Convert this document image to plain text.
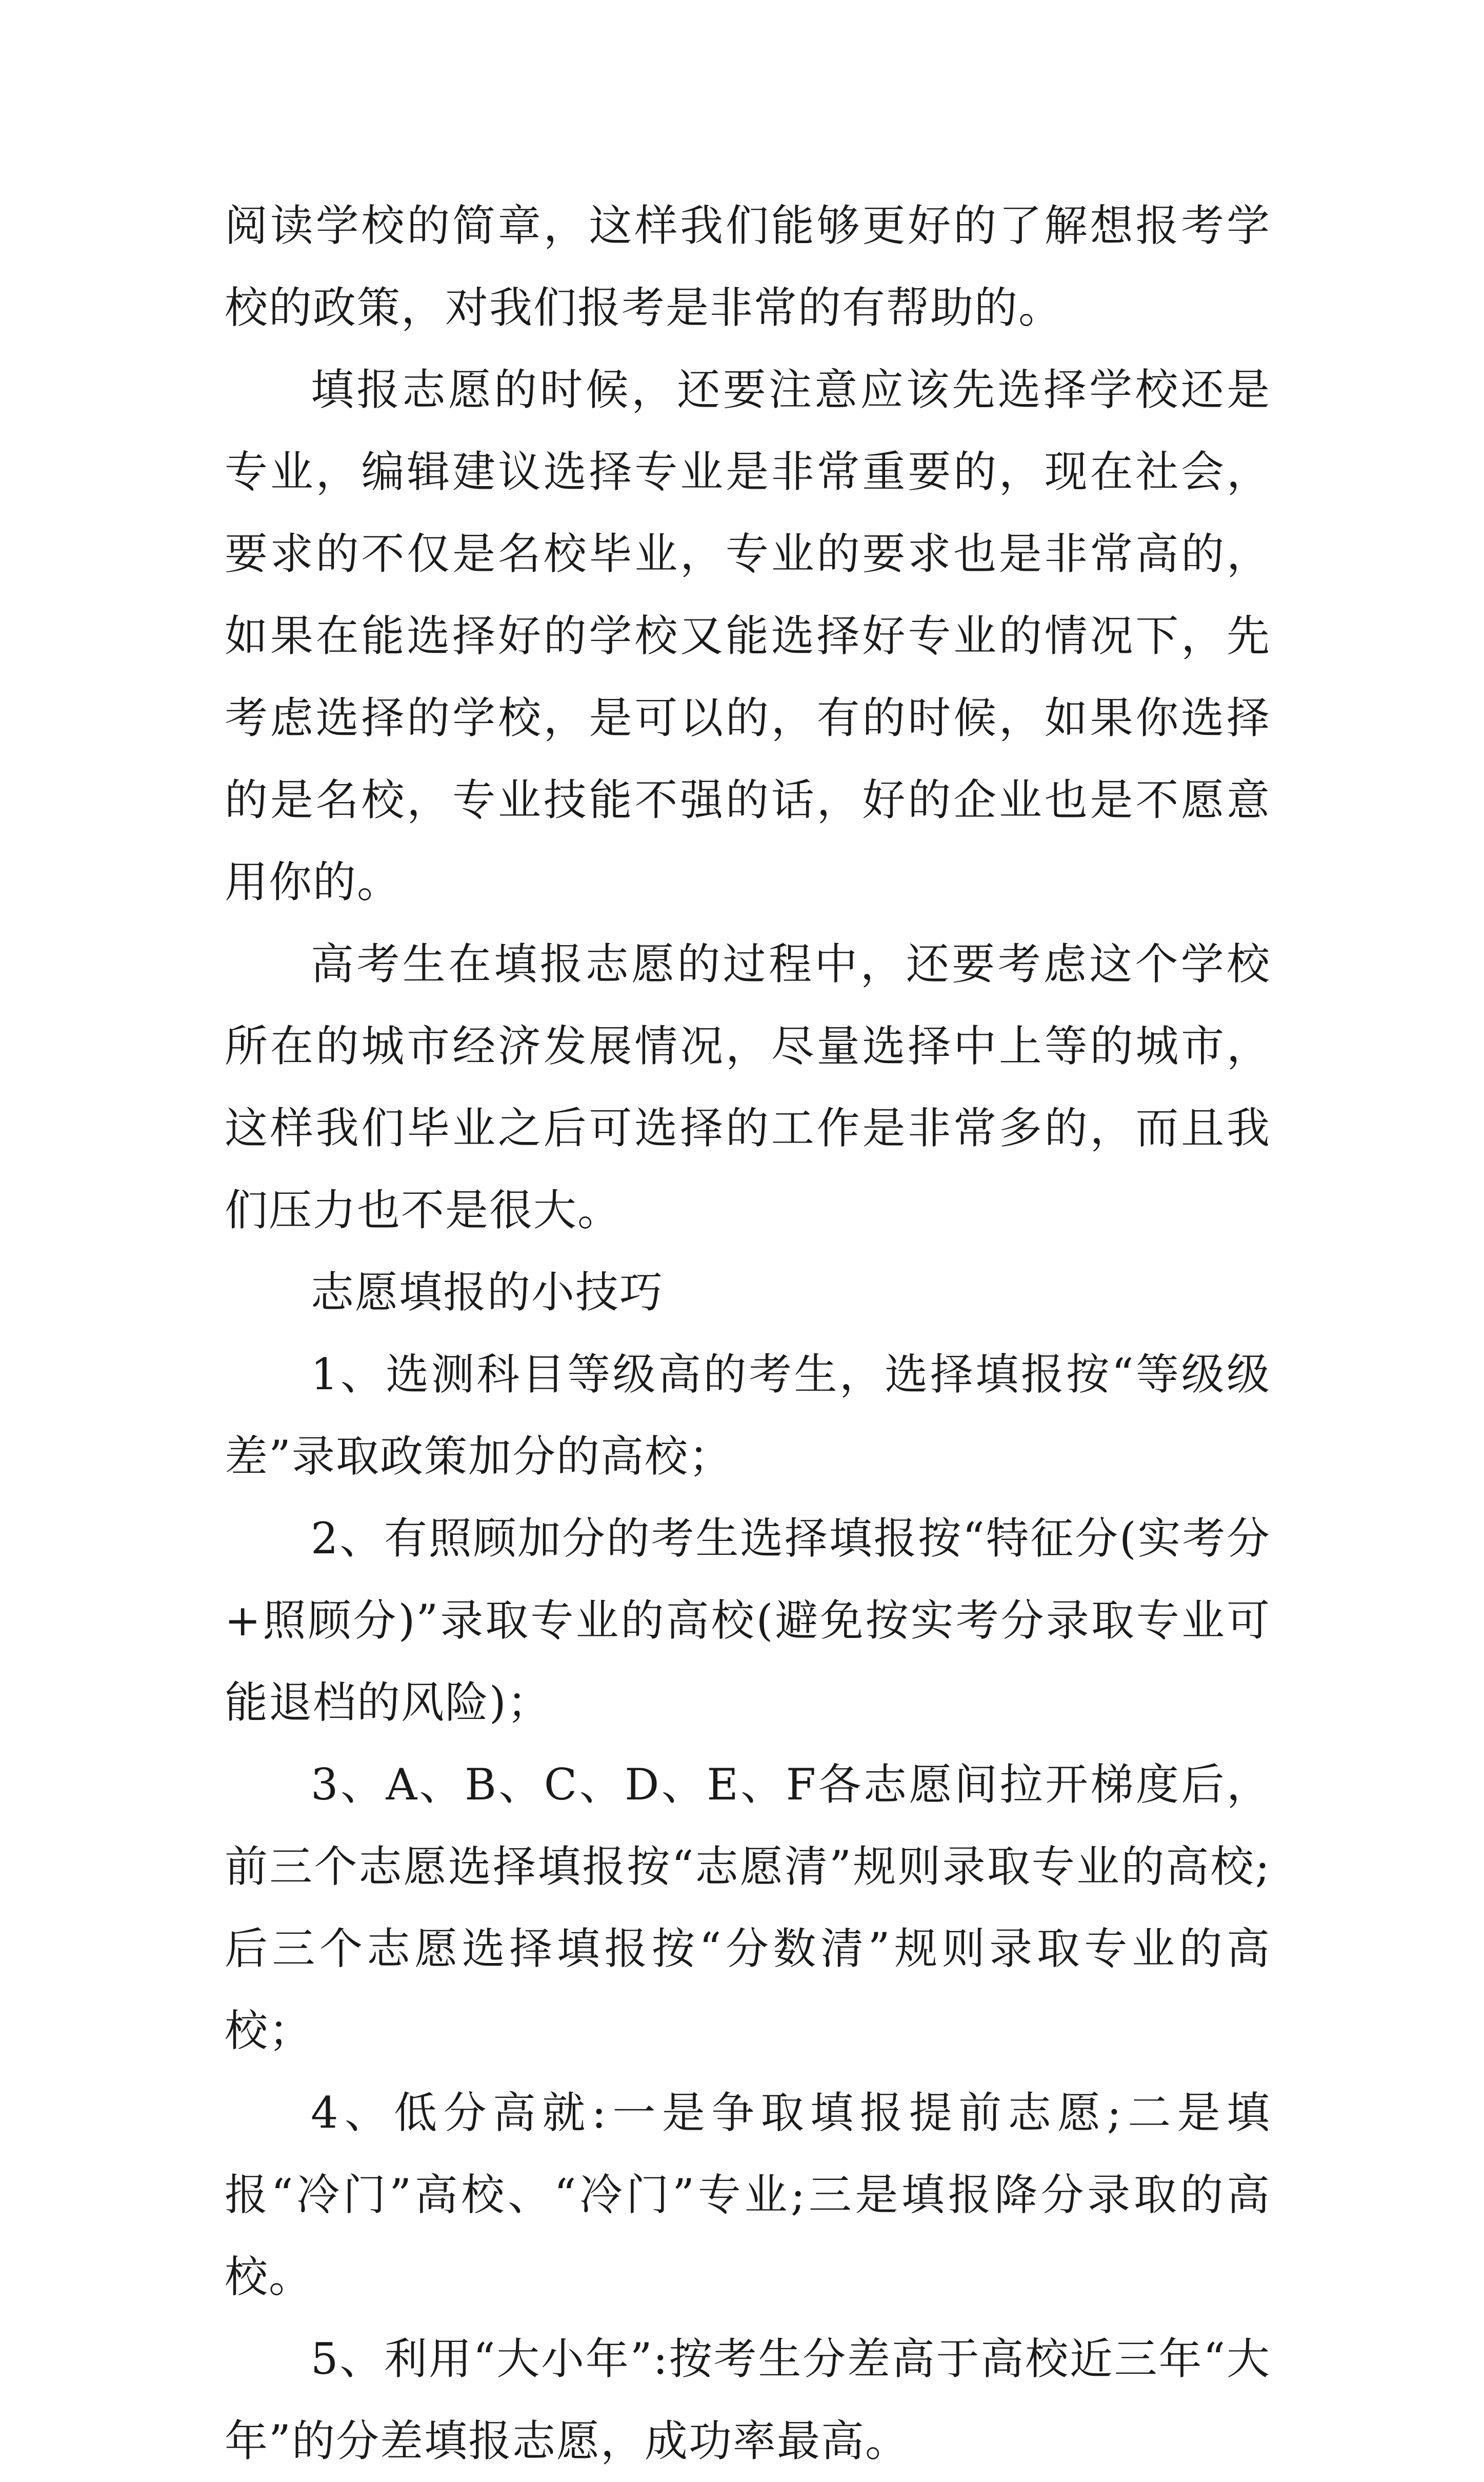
阅读学校的简章，这样我们能够更好的了解想报考学校的政策，对我们报考是非常的有帮助的。

填报志愿的时候，还要注意应该先选择学校还是专业，编辑建议选择专业是非常重要的，现在社会，要求的不仅是名校毕业，专业的要求也是非常高的，如果在能选择好的学校又能选择好专业的情况下，先考虑选择的学校，是可以的，有的时候，如果你选择的是名校，专业技能不强的话，好的企业也是不愿意用你的。

高考生在填报志愿的过程中，还要考虑这个学校所在的城市经济发展情况，尽量选择中上等的城市，这样我们毕业之后可选择的工作是非常多的，而且我们压力也不是很大。

志愿填报的小技巧

1、选测科目等级高的考生，选择填报按“等级级差”录取政策加分的高校；

2、有照顾加分的考生选择填报按“特征分(实考分+照顾分)”录取专业的高校(避免按实考分录取专业可能退档的风险)；

3、A、B、C、D、E、F各志愿间拉开梯度后，前三个志愿选择填报按“志愿清”规则录取专业的高校;后三个志愿选择填报按“分数清”规则录取专业的高校；

4、低分高就:一是争取填报提前志愿;二是填报“冷门”高校、“冷门”专业;三是填报降分录取的高校。

5、利用“大小年”:按考生分差高于高校近三年“大年”的分差填报志愿，成功率最高。
